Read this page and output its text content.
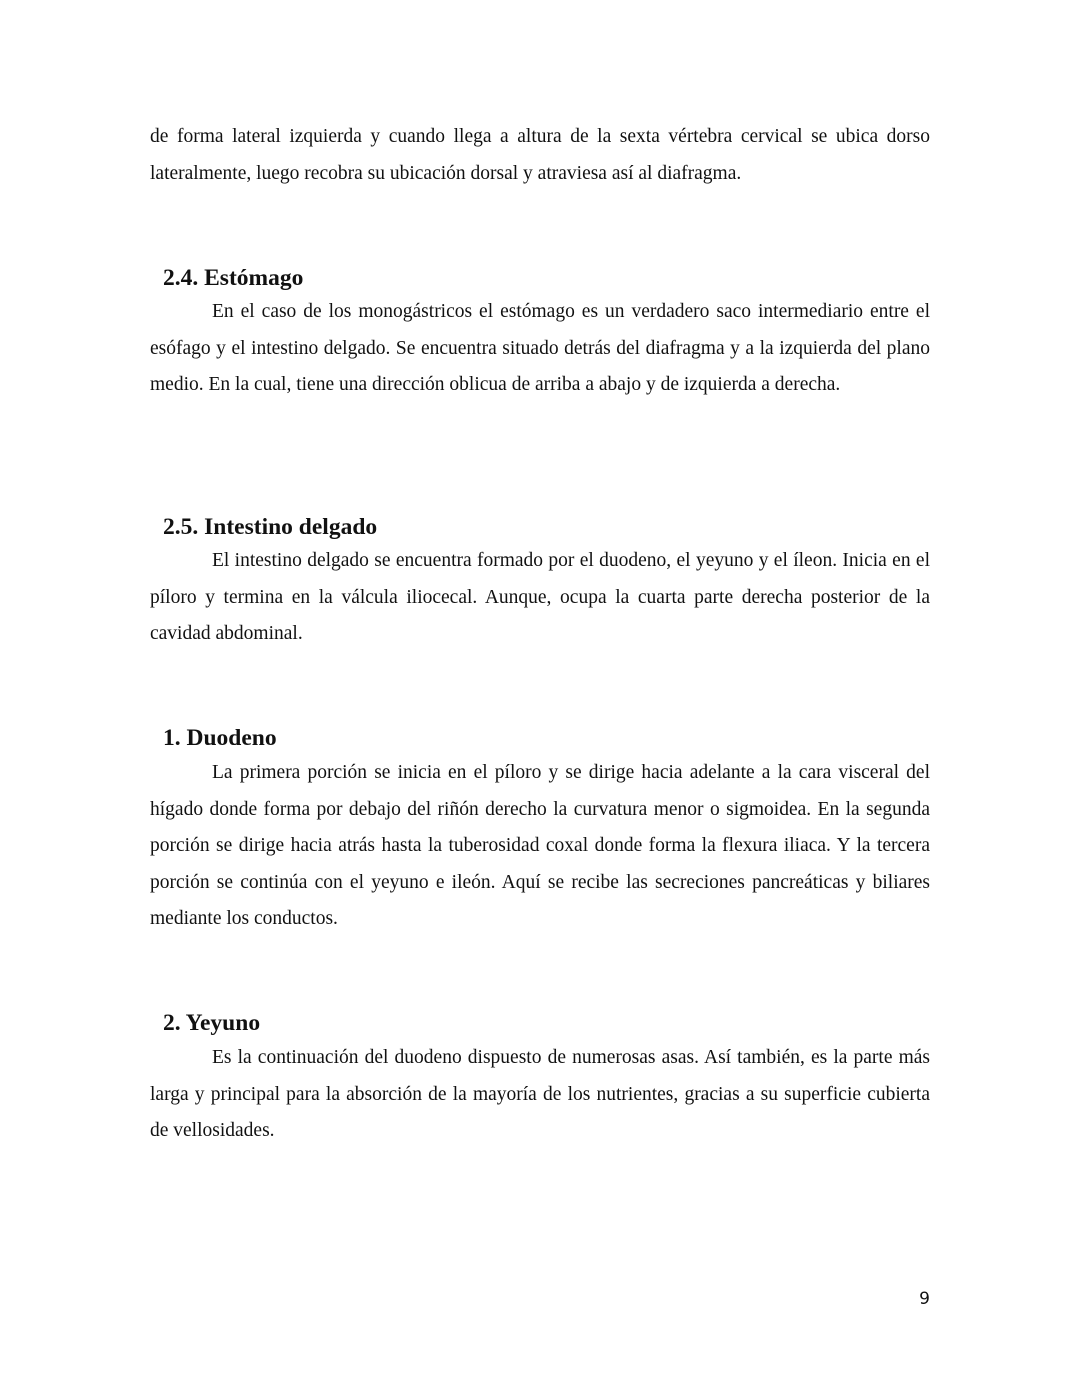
de forma lateral izquierda y cuando llega a altura de la sexta vértebra cervical se ubica dorso lateralmente, luego recobra su ubicación dorsal y atraviesa así al diafragma.

2.4. Estómago

En el caso de los monogástricos el estómago es un verdadero saco intermediario entre el esófago y el intestino delgado. Se encuentra situado detrás del diafragma y a la izquierda del plano medio. En la cual, tiene una dirección oblicua de arriba a abajo y de izquierda a derecha.

2.5. Intestino delgado

El intestino delgado se encuentra formado por el duodeno, el yeyuno y el íleon. Inicia en el píloro y termina en la válcula iliocecal. Aunque, ocupa la cuarta parte derecha posterior de la cavidad abdominal.

1. Duodeno

La primera porción se inicia en el píloro y se dirige hacia adelante a la cara visceral del hígado donde forma por debajo del riñón derecho la curvatura menor o sigmoidea. En la segunda porción se dirige hacia atrás hasta la tuberosidad coxal donde forma la flexura iliaca. Y la tercera porción se continúa con el yeyuno e ileón. Aquí se recibe las secreciones pancreáticas y biliares mediante los conductos.

2. Yeyuno

Es la continuación del duodeno dispuesto de numerosas asas. Así también, es la parte más larga y principal para la absorción de la mayoría de los nutrientes, gracias a su superficie cubierta de vellosidades.

9
